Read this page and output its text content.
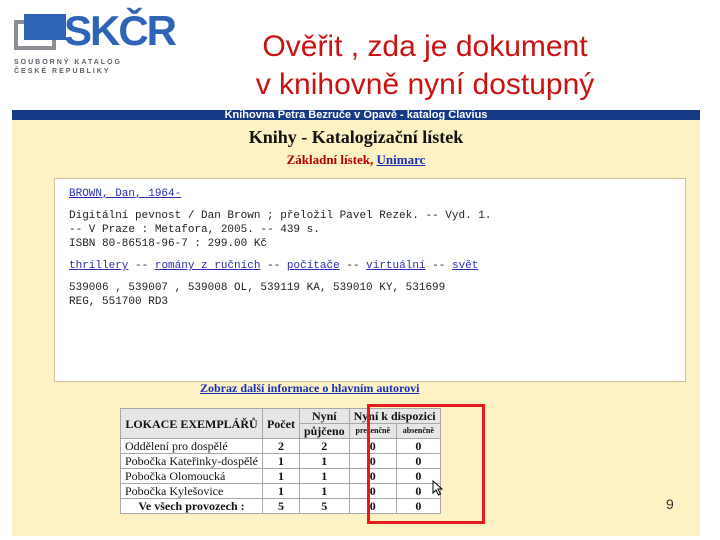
SKČR
SOUBORNÝ KATALOG
ČESKÉ REPUBLIKY
Ověřit , zda je dokument
v knihovně nyní dostupný
Knihovna Petra Bezruče v Opavě - katalog Clavius
Knihy - Katalogizační lístek
Základní lístek, Unimarc
BROWN, Dan, 1964-
Digitální pevnost / Dan Brown ; přeložil Pavel Rezek. -- Vyd. 1.
-- V Praze : Metafora, 2005. -- 439 s.
ISBN 80-86518-96-7 : 299.00 Kč
thrillery -- romány z ručních -- počítače -- virtuální -- svět
539006 , 539007 , 539008 OL, 539119 KA, 539010 KY, 531699
REG, 551700 RD3
Zobraz další informace o hlavním autorovi
LOKACE EXEMPLÁŘŮ	Počet	Nyní	Nyní k dispozici	
		půjčeno	prezenčně	absenčně
Oddělení pro dospělé	2	2	0	0
Pobočka Kateřinky-dospělé	1	1	0	0
Pobočka Olomoucká	1	1	0	0
Pobočka Kylešovice	1	1	0	0
Ve všech provozech :	5	5	0	0	9
